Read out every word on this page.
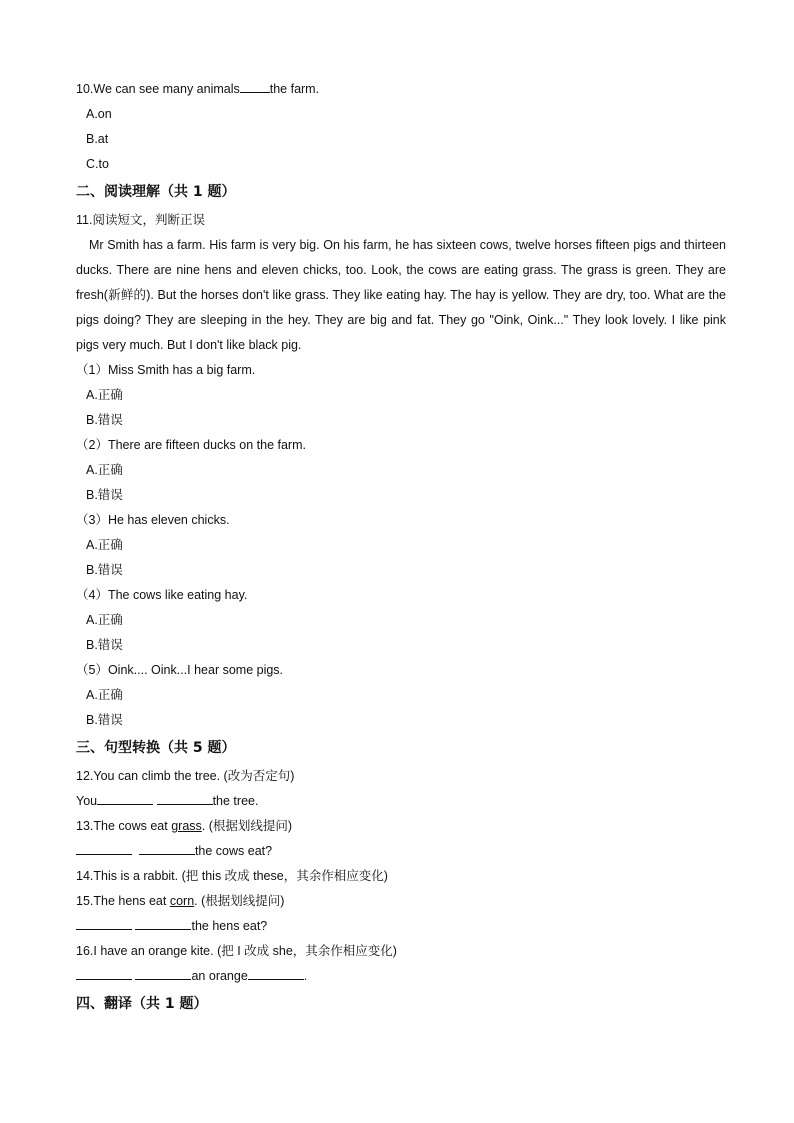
10.We can see many animals the farm.
A.on
B.at
C.to
二、阅读理解（共 1 题）
11.阅读短文，判断正误
Mr Smith has a farm. His farm is very big. On his farm, he has sixteen cows, twelve horses fifteen pigs and thirteen ducks. There are nine hens and eleven chicks, too. Look, the cows are eating grass. The grass is green. They are fresh(新鲜的). But the horses don't like grass. They like eating hay. The hay is yellow. They are dry, too. What are the pigs doing? They are sleeping in the hey. They are big and fat. They go "Oink, Oink..." They look lovely. I like pink pigs very much. But I don't like black pig.
（1）Miss Smith has a big farm.
A.正确
B.错误
（2）There are fifteen ducks on the farm.
A.正确
B.错误
（3）He has eleven chicks.
A.正确
B.错误
（4）The cows like eating hay.
A.正确
B.错误
（5）Oink.... Oink...I hear some pigs.
A.正确
B.错误
三、句型转换（共 5 题）
12.You can climb the tree. (改为否定句)
You	the tree.
13.The cows eat grass. (根据划线提问)
the cows eat?
14.This is a rabbit. (把 this 改成 these，其余作相应变化)
15.The hens eat corn. (根据划线提问)
the hens eat?
16.I have an orange kite. (把 I 改成 she，其余作相应变化)
an orange	.
四、翻译（共 1 题）
